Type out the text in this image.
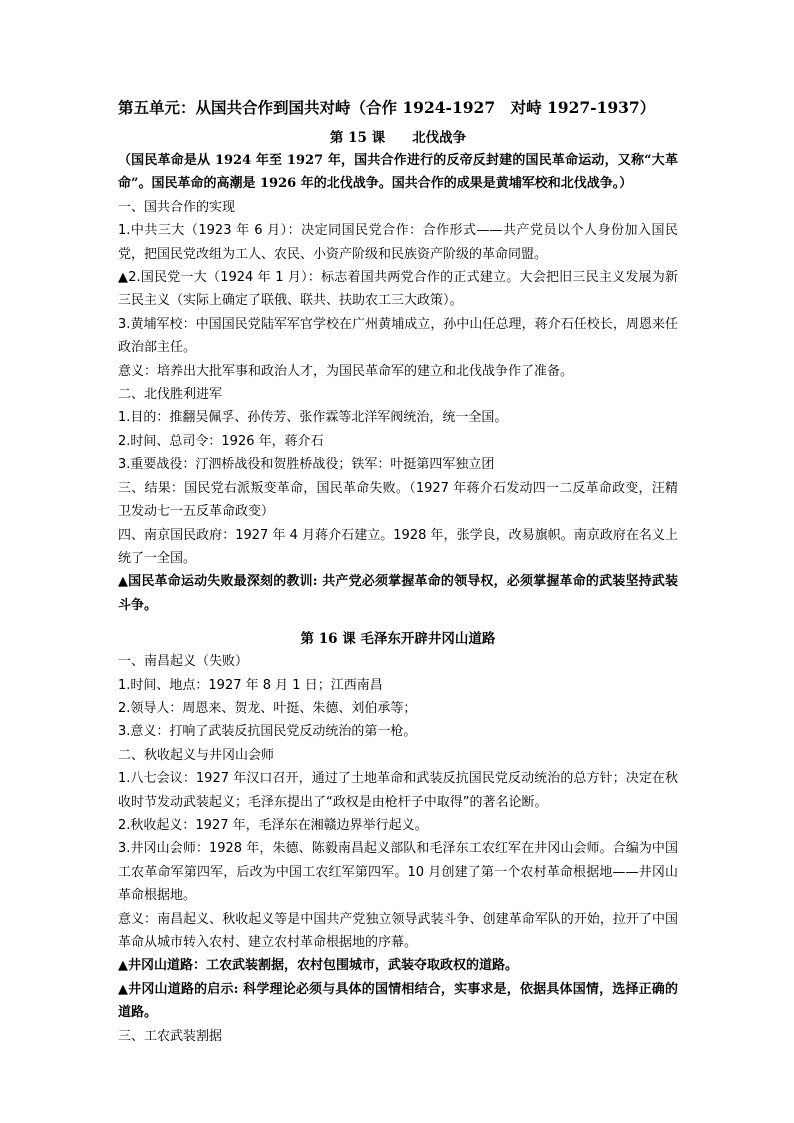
第五单元：从国共合作到国共对峙（合作 1924-1927　对峙 1927-1937）
第 15 课　　北伐战争

（国民革命是从 1924 年至 1927 年，国共合作进行的反帝反封建的国民革命运动，又称“大革命”。国民革命的高潮是 1926 年的北伐战争。国共合作的成果是黄埔军校和北伐战争。）

一、国共合作的实现

1.中共三大（1923 年 6 月）：决定同国民党合作：合作形式——共产党员以个人身份加入国民党，把国民党改组为工人、农民、小资产阶级和民族资产阶级的革命同盟。

▲2.国民党一大（1924 年 1 月）：标志着国共两党合作的正式建立。大会把旧三民主义发展为新三民主义（实际上确定了联俄、联共、扶助农工三大政策）。

3.黄埔军校：中国国民党陆军军官学校在广州黄埔成立，孙中山任总理，蒋介石任校长，周恩来任政治部主任。

意义：培养出大批军事和政治人才，为国民革命军的建立和北伐战争作了准备。

二、北伐胜利进军

1.目的：推翻吴佩孚、孙传芳、张作霖等北洋军阀统治，统一全国。

2.时间、总司令：1926 年，蒋介石

3.重要战役：汀泗桥战役和贺胜桥战役；铁军：叶挺第四军独立团

三、结果：国民党右派叛变革命，国民革命失败。（1927 年蒋介石发动四一二反革命政变，汪精卫发动七一五反革命政变）

四、南京国民政府：1927 年 4 月蒋介石建立。1928 年，张学良，改易旗帜。南京政府在名义上统了一全国。

▲国民革命运动失败最深刻的教训: 共产党必须掌握革命的领导权，必须掌握革命的武装坚持武装斗争。

第 16 课 毛泽东开辟井冈山道路

一、南昌起义（失败）

1.时间、地点：1927 年 8 月 1 日；江西南昌

2.领导人：周恩来、贺龙、叶挺、朱德、刘伯承等；

3.意义：打响了武装反抗国民党反动统治的第一枪。

二、秋收起义与井冈山会师

1.八七会议：1927 年汉口召开，通过了土地革命和武装反抗国民党反动统治的总方针；决定在秋收时节发动武装起义；毛泽东提出了“政权是由枪杆子中取得”的著名论断。

2.秋收起义：1927 年，毛泽东在湘赣边界举行起义。

3.井冈山会师：1928 年，朱德、陈毅南昌起义部队和毛泽东工农红军在井冈山会师。合编为中国工农革命军第四军，后改为中国工农红军第四军。10 月创建了第一个农村革命根据地——井冈山革命根据地。

意义：南昌起义、秋收起义等是中国共产党独立领导武装斗争、创建革命军队的开始，拉开了中国革命从城市转入农村、建立农村革命根据地的序幕。

▲井冈山道路：工农武装割据，农村包围城市，武装夺取政权的道路。

▲井冈山道路的启示: 科学理论必须与具体的国情相结合，实事求是，依据具体国情，选择正确的道路。

三、工农武装割据
